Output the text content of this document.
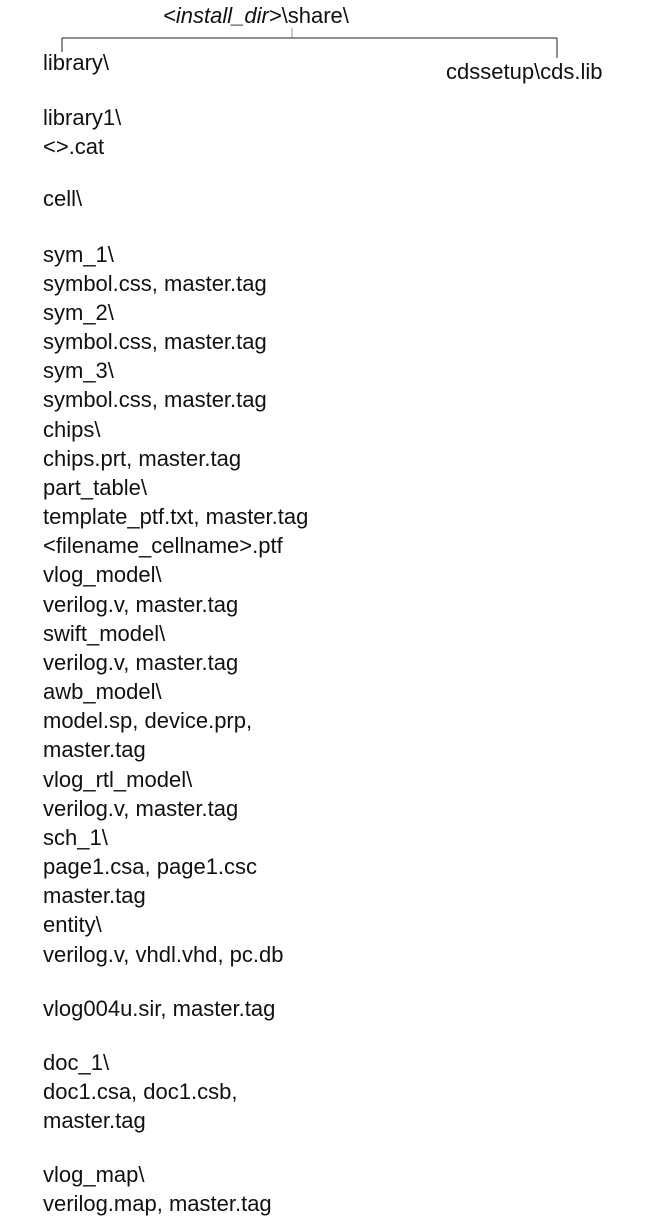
<install_dir>\share\
library\	cdssetup\cds.lib
library1\
<>.cat
cell\
sym_1\
symbol.css, master.tag
sym_2\
symbol.css, master.tag
sym_3\
symbol.css, master.tag
chips\
chips.prt, master.tag
part_table\
template_ptf.txt, master.tag
<filename_cellname>.ptf
vlog_model\
verilog.v, master.tag
swift_model\
verilog.v, master.tag
awb_model\
model.sp, device.prp,
master.tag
vlog_rtl_model\
verilog.v, master.tag
sch_1\
page1.csa, page1.csc
master.tag
entity\
verilog.v, vhdl.vhd, pc.db
vlog004u.sir, master.tag
doc_1\
doc1.csa, doc1.csb,
master.tag
vlog_map\
verilog.map, master.tag
